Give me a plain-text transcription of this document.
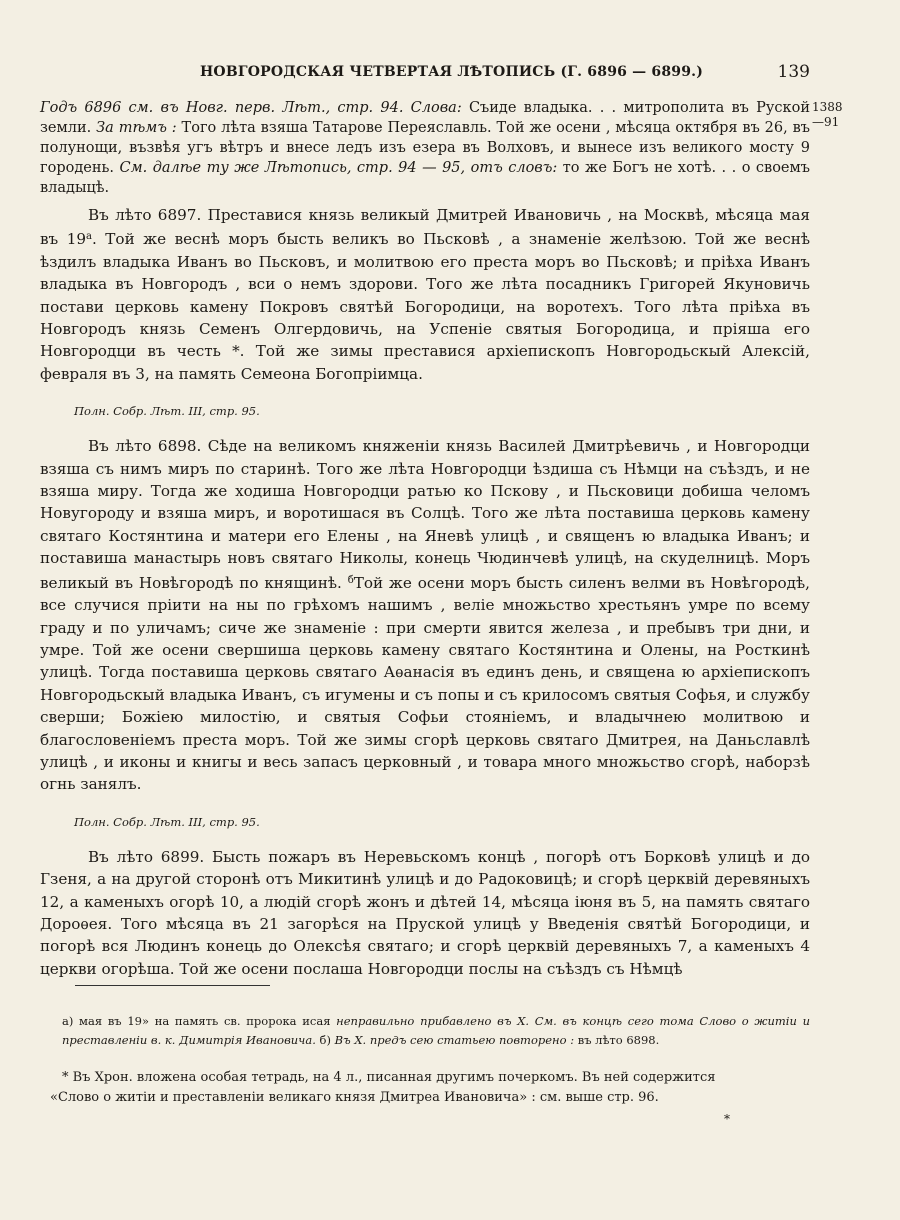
НОВГОРОДСКАЯ ЧЕТВЕРТАЯ ЛѢТОПИСЬ (Г. 6896 — 6899.)	139
1388
—91

Годъ 6896 см. въ Новг. перв. Лѣт., стр. 94. Слова: Съиде владыка. . . митрополита въ Руской земли. За тѣмъ : Того лѣта взяша Татарове Переяславль. Той же осени , мѣсяца октября въ 26, въ полунощи, възвѣя угъ вѣтръ и внесе ледъ изъ езера въ Волховъ, и вынесе изъ великого мосту 9 городень. См. далѣе ту же Лѣтопись, стр. 94 — 95, отъ словъ: то же Богъ не хотѣ. . . о своемъ владыцѣ.

Въ лѣто 6897. Преставися князь великый Дмитрей Ивановичь , на Москвѣ, мѣсяца мая въ $19^а$. Той же веснѣ моръ бысть великъ во Пьсковѣ , а знаменіе желѣзою. Той же веснѣ ѣздилъ владыка Иванъ во Пьсковъ, и молитвою его преста моръ во Пьсковѣ; и пріѣха Иванъ владыка въ Новгородъ , вси о немъ здорови. Того же лѣта посадникъ Григорей Якуновичь постави церковь камену Покровъ святѣй Богородици, на воротехъ. Того лѣта пріѣха въ Новгородъ князь Семенъ Олгердовичь, на Успеніе святыя Богородица, и пріяша его Новгородци въ честь *. Той же зимы преставися архіепископъ Новгородьскый Алексій, февраля въ 3, на память Семеона Богопріимца.

Полн. Собр. Лѣт. III, стр. 95.

Въ лѣто 6898. Сѣде на великомъ княженіи князь Василей Дмитрѣевичь , и Новгородци взяша съ нимъ миръ по старинѣ. Того же лѣта Новгородци ѣздиша съ Нѣмци на съѣздъ, и не взяша миру. Тогда же ходиша Новгородци ратью ко Пскову , и Пьсковици добиша челомъ Новугороду и взяша миръ, и воротишася въ Солцѣ. Того же лѣта поставиша церковь камену святаго Костянтина и матери его Елены , на Яневѣ улицѣ , и священъ ю владыка Иванъ; и поставиша манастырь новъ святаго Николы, конець Чюдинчевѣ улицѣ, на скуделницѣ. Моръ великый въ Новѣгородѣ по княщинѣ. $^б$Той же осени моръ бысть силенъ велми въ Новѣгородѣ, все случися пріити на ны по грѣхомъ нашимъ , веліе множьство хрестьянъ умре по всему граду и по уличамъ; сиче же знаменіе : при смерти явится железа , и пребывъ три дни, и умре. Той же осени свершиша церковь камену святаго Костянтина и Олены, на Росткинѣ улицѣ. Тогда поставиша церковь святаго Аѳанасія въ единъ день, и священа ю архіепископъ Новгородьскый владыка Иванъ, съ игумены и съ попы и съ крилосомъ святыя Софья, и службу сверши; Божіею милостію, и святыя Софьи стояніемъ, и владычнею молитвою и благословеніемъ преста моръ. Той же зимы сгорѣ церковь святаго Дмитрея, на Даньславлѣ улицѣ , и иконы и книгы и весь запасъ церковный , и товара много множьство сгорѣ, наборзѣ огнь занялъ.

Полн. Собр. Лѣт. III, стр. 95.

Въ лѣто 6899. Бысть пожаръ въ Неревьскомъ концѣ , погорѣ отъ Борковѣ улицѣ и до Гзеня, а на другой сторонѣ отъ Микитинѣ улицѣ и до Радоковицѣ; и сгорѣ церквій деревяныхъ 12, а каменыхъ огорѣ 10, а людій сгорѣ жонъ и дѣтей 14, мѣсяца іюня въ 5, на память святаго Дороѳея. Того мѣсяца въ 21 загорѣся на Пруской улицѣ у Введенія святѣй Богородици, и погорѣ вся Людинъ конець до Олексѣя святаго; и сгорѣ церквій деревяныхъ 7, а каменыхъ 4 церкви огорѣша. Той же осени послаша Новгородци послы на съѣздъ съ Нѣмцѣ

а) мая въ 19» на память св. пророка исая неправильно прибавлено въ Х. См. въ концѣ сего тома Слово о житіи и преставленіи в. к. Димитрія Ивановича. б) Въ Х. предъ сею статьею повторено : въ лѣто 6898.
* Въ Хрон. вложена особая тетрадь, на 4 л., писанная другимъ почеркомъ. Въ ней содержится
«Слово о житіи и преставленіи великаго князя Дмитреа Ивановича» : см. выше стр. 96.
*
